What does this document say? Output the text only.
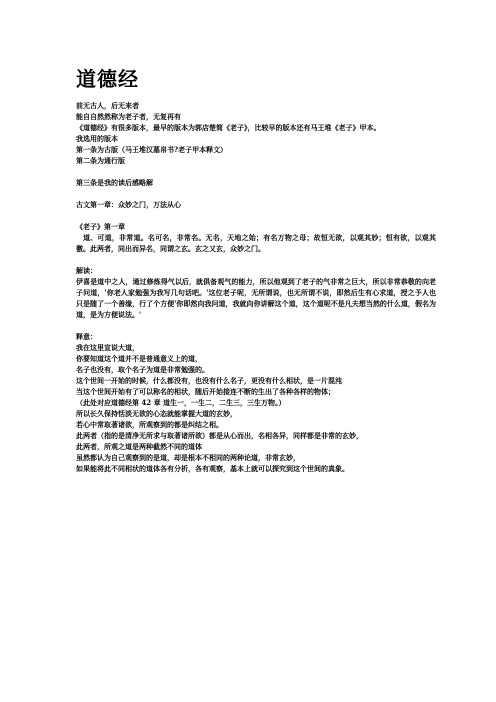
道德经
前无古人，后无来者
能自自然然称为老子者，无复再有
《道德经》有很多版本，最早的版本为郭店楚简《老子》，比较早的版本还有马王堆《老子》甲本。
我选用的版本
第一条为古版（马王堆汉墓帛书?老子甲本释文）
第二条为通行版
第三条是我的读后感略解
古文第一章：众妙之门，万法从心
《老子》第一章
道、可道，非常道。名可名，非常名。无名，天地之始；有名万物之母；故恒无欲，以观其妙；恒有欲，以观其徼。此两者，同出而异名，同谓之玄。玄之又玄，众妙之门。
解读：
伊喜是道中之人，通过修炼得气以后，就俱备观气的能力，所以他观到了老子的气非常之巨大，所以非常恭敬的向老子问道，'你老人家勉强为我写几句话吧。'这位老子呢，无所谓说，也无所谓不说，即然后生有心求道，授之予人也只是随了一个善缘，行了个方便'你即然向我问道，我就向你讲解这个道，这个道呢不是凡夫想当然的什么道，假名为道，是为方便说法。'
释意：
我在这里宣说大道，
你要知道这个道并不是普通意义上的道，
名子也没有，取个名子为道是非常勉强的。
这个世间一开始的时候，什么都没有，也没有什么名子，更没有什么相状，是一片混沌
当这个世间开始有了可以称名的相状，随后开始接连不断的生出了各种各样的物体；
（此处对应道德经第 42 章 道生一，一生二，二生三，三生万物。）
所以长久保持恬淡无欲的心态就能掌握大道的玄妙，
若心中常取著诸欲，所观察到的都是纠结之相。
此两者（指的是清净无所求与取著诸所欲）都是从心而出，名相各异，同样都是非常的玄妙，
此两者，所观之道是两种截然不同的道体
虽然都认为自己观察到的是道，却是根本不相同的两种论道，非常玄妙，
如果能将此不同相状的道体各有分析，各有观察，基本上就可以探究到这个世间的真象。
